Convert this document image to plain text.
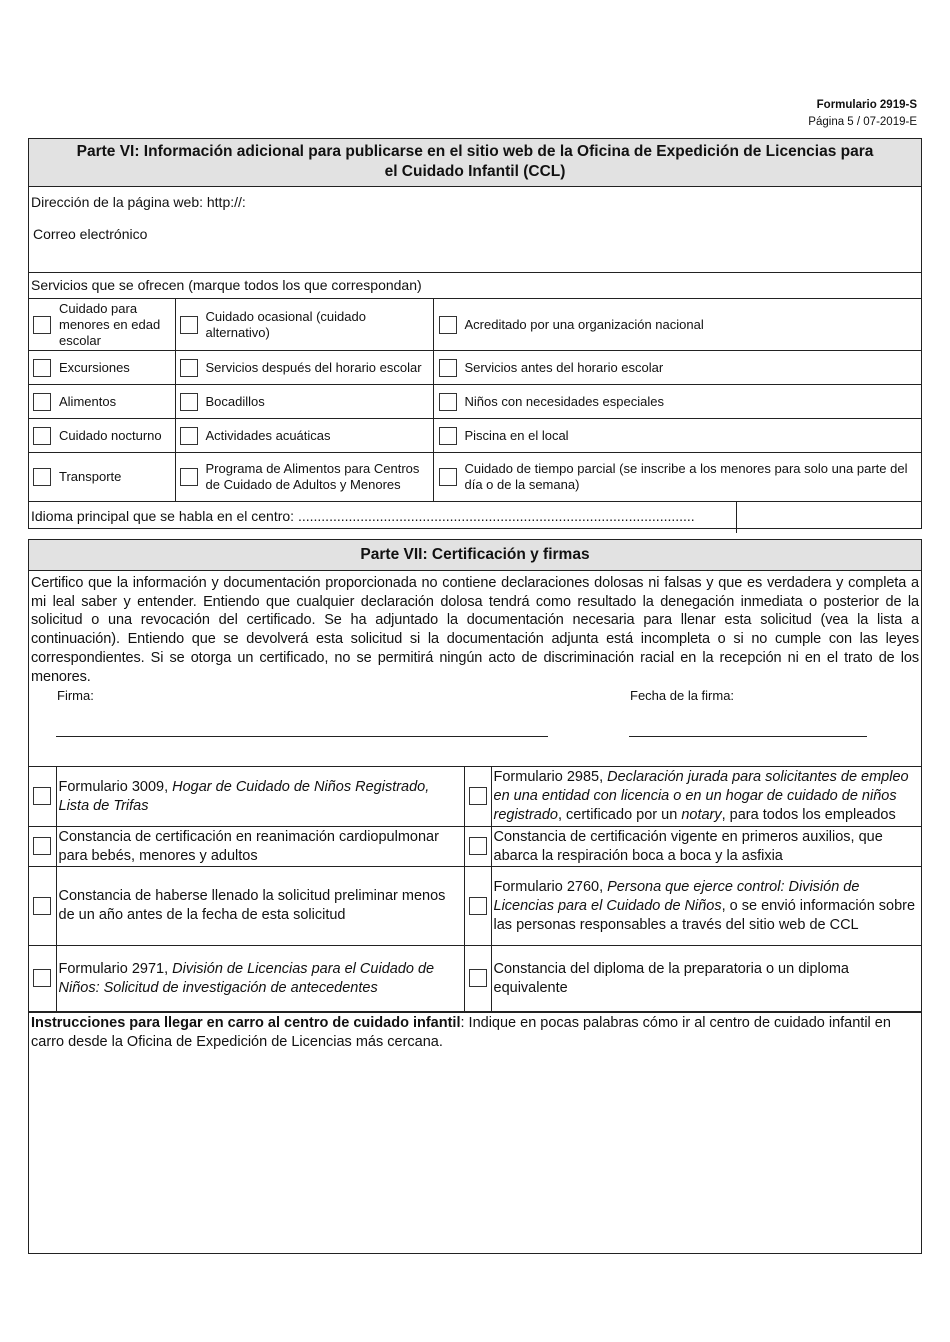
Formulario 2919-S
Página 5 / 07-2019-E
Parte VI: Información adicional para publicarse en el sitio web de la Oficina de Expedición de Licencias para
el Cuidado Infantil (CCL)
Dirección de la página web: http://:
Correo electrónico
Servicios que se ofrecen (marque todos los que correspondan)
Cuidado para menores en edad escolar	Cuidado ocasional (cuidado alternativo)	Acreditado por una organización nacional

Excursiones	Servicios después del horario escolar	Servicios antes del horario escolar

Alimentos	Bocadillos	Niños con necesidades especiales

Cuidado nocturno	Actividades acuáticas	Piscina en el local

Transporte	Programa de Alimentos para Centros de Cuidado de Adultos y Menores	Cuidado de tiempo parcial (se inscribe a los menores para solo una parte del día o de la semana)
Idioma principal que se habla en el centro: ......................................................................................................
Parte VII: Certificación y firmas
Certifico que la información y documentación proporcionada no contiene declaraciones dolosas ni falsas y que es verdadera y completa a mi leal saber y entender. Entiendo que cualquier declaración dolosa tendrá como resultado la denegación inmediata o posterior de la solicitud o una revocación del certificado. Se ha adjuntado la documentación necesaria para llenar esta solicitud (vea la lista a continuación). Entiendo que se devolverá esta solicitud si la documentación adjunta está incompleta o si no cumple con las leyes correspondientes. Si se otorga un certificado, no se permitirá ningún acto de discriminación racial en la recepción ni en el trato de los menores.
Firma:	Fecha de la firma:
	Formulario 3009, Hogar de Cuidado de Niños Registrado, Lista de Trifas		Formulario 2985, Declaración jurada para solicitantes de empleo en una entidad con licencia o en un hogar de cuidado de niños registrado, certificado por un notary, para todos los empleados
	Constancia de certificación en reanimación cardiopulmonar para bebés, menores y adultos		Constancia de certificación vigente en primeros auxilios, que abarca la respiración boca a boca y la asfixia
	Constancia de haberse llenado la solicitud preliminar menos de un año antes de la fecha de esta solicitud		Formulario 2760, Persona que ejerce control: División de Licencias para el Cuidado de Niños, o se envió información sobre las personas responsables a través del sitio web de CCL
	Formulario 2971, División de Licencias para el Cuidado de Niños: Solicitud de investigación de antecedentes		Constancia del diploma de la preparatoria o un diploma equivalente
Instrucciones para llegar en carro al centro de cuidado infantil: Indique en pocas palabras cómo ir al centro de cuidado infantil en carro desde la Oficina de Expedición de Licencias más cercana.
